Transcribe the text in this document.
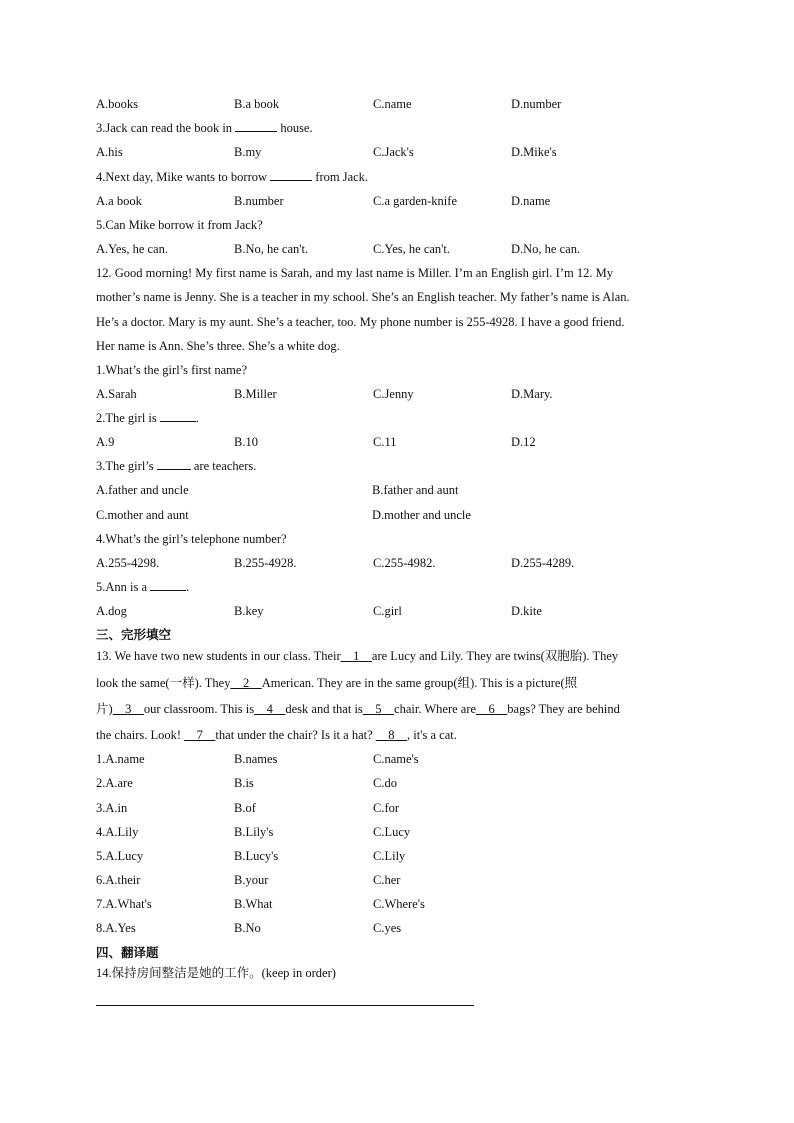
A.books	B.a book	C.name	D.number
3.Jack can read the book in	house.
A.his	B.my	C.Jack's	D.Mike's
4.Next day, Mike wants to borrow	from Jack.
A.a book	B.number	C.a garden-knife	D.name
5.Can Mike borrow it from Jack?
A.Yes, he can.	B.No, he can't.	C.Yes, he can't.	D.No, he can.
12. Good morning! My first name is Sarah, and my last name is Miller. I’m an English girl. I’m 12. My
mother’s name is Jenny. She is a teacher in my school. She’s an English teacher. My father’s name is Alan.
He’s a doctor. Mary is my aunt. She’s a teacher, too. My phone number is 255-4928. I have a good friend.
Her name is Ann. She’s three. She’s a white dog.
1.What’s the girl’s first name?
A.Sarah	B.Miller	C.Jenny	D.Mary.
2.The girl is	.
A.9	B.10	C.11	D.12
3.The girl’s	are teachers.
A.father and uncle	B.father and aunt
C.mother and aunt	D.mother and uncle
4.What’s the girl’s telephone number?
A.255-4298.	B.255-4928.	C.255-4982.	D.255-4289.
5.Ann is a	.
A.dog	B.key	C.girl	D.kite
三、完形填空
13. We have two new students in our class. Their 1 are Lucy and Lily. They are twins(双胞胎). They
look the same(一样). They 2 American. They are in the same group(组). This is a picture(照
片) 3 our classroom. This is 4 desk and that is 5 chair. Where are 6 bags? They are behind
the chairs. Look!     7 that under the chair? Is it a hat?     8 , it's a cat.
1.A.name	B.names	C.name's
2.A.are	B.is	C.do
3.A.in	B.of	C.for
4.A.Lily	B.Lily's	C.Lucy
5.A.Lucy	B.Lucy's	C.Lily
6.A.their	B.your	C.her
7.A.What's	B.What	C.Where's
8.A.Yes	B.No	C.yes
四、翻译题
14.保持房间整洁是她的工作。(keep in order)
